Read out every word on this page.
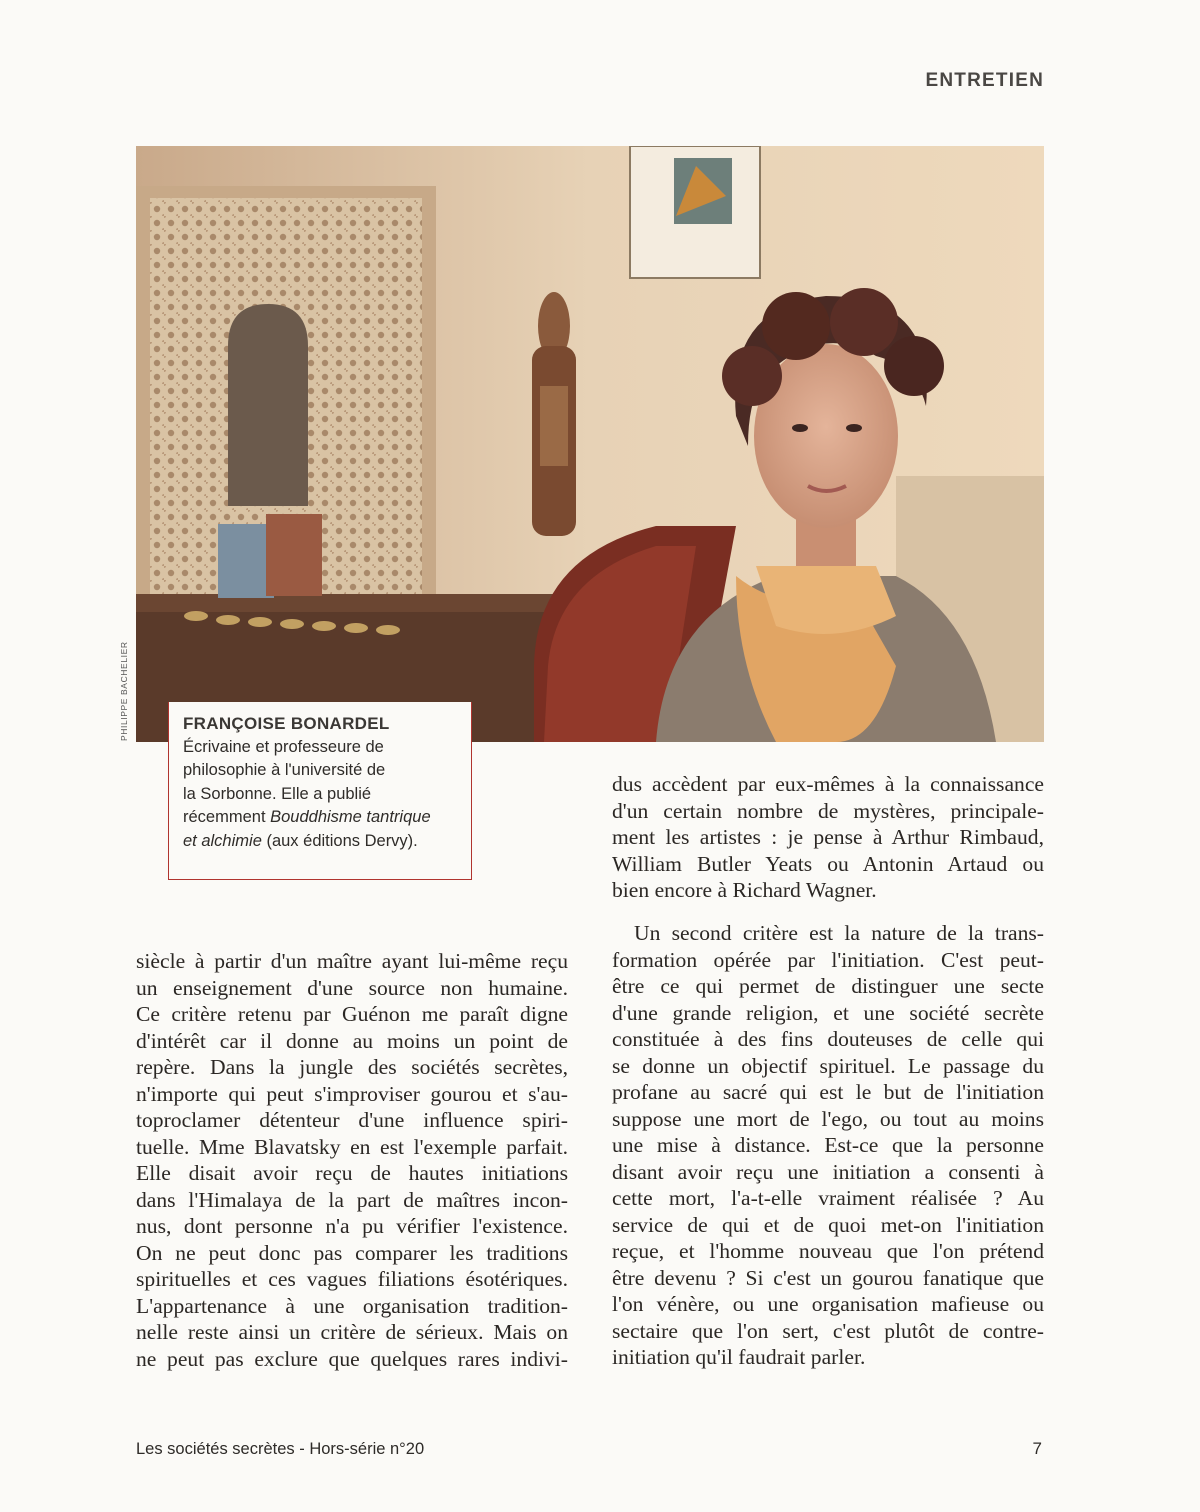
ENTRETIEN
PHILIPPE BACHELIER	FRANÇOISE BONARDEL
Écrivaine et professeure de
philosophie à l'université de
la Sorbonne. Elle a publié
récemment Bouddhisme tantrique
et alchimie (aux éditions Dervy).
siècle à partir d'un maître ayant lui-même reçu
un enseignement d'une source non humaine.
Ce critère retenu par Guénon me paraît digne
d'intérêt car il donne au moins un point de
repère. Dans la jungle des sociétés secrètes,
n'importe qui peut s'improviser gourou et s'au-
toproclamer détenteur d'une influence spiri-
tuelle. Mme Blavatsky en est l'exemple parfait.
Elle disait avoir reçu de hautes initiations
dans l'Himalaya de la part de maîtres incon-
nus, dont personne n'a pu vérifier l'existence.
On ne peut donc pas comparer les traditions
spirituelles et ces vagues filiations ésotériques.
L'appartenance à une organisation tradition-
nelle reste ainsi un critère de sérieux. Mais on
ne peut pas exclure que quelques rares indivi-
dus accèdent par eux-mêmes à la connaissance
d'un certain nombre de mystères, principale-
ment les artistes : je pense à Arthur Rimbaud,
William Butler Yeats ou Antonin Artaud ou
bien encore à Richard Wagner.
Un second critère est la nature de la trans-
formation opérée par l'initiation. C'est peut-
être ce qui permet de distinguer une secte
d'une grande religion, et une société secrète
constituée à des fins douteuses de celle qui
se donne un objectif spirituel. Le passage du
profane au sacré qui est le but de l'initiation
suppose une mort de l'ego, ou tout au moins
une mise à distance. Est-ce que la personne
disant avoir reçu une initiation a consenti à
cette mort, l'a-t-elle vraiment réalisée ? Au
service de qui et de quoi met-on l'initiation
reçue, et l'homme nouveau que l'on prétend
être devenu ? Si c'est un gourou fanatique que
l'on vénère, ou une organisation mafieuse ou
sectaire que l'on sert, c'est plutôt de contre-
initiation qu'il faudrait parler.
Les sociétés secrètes - Hors-série n°20	7
